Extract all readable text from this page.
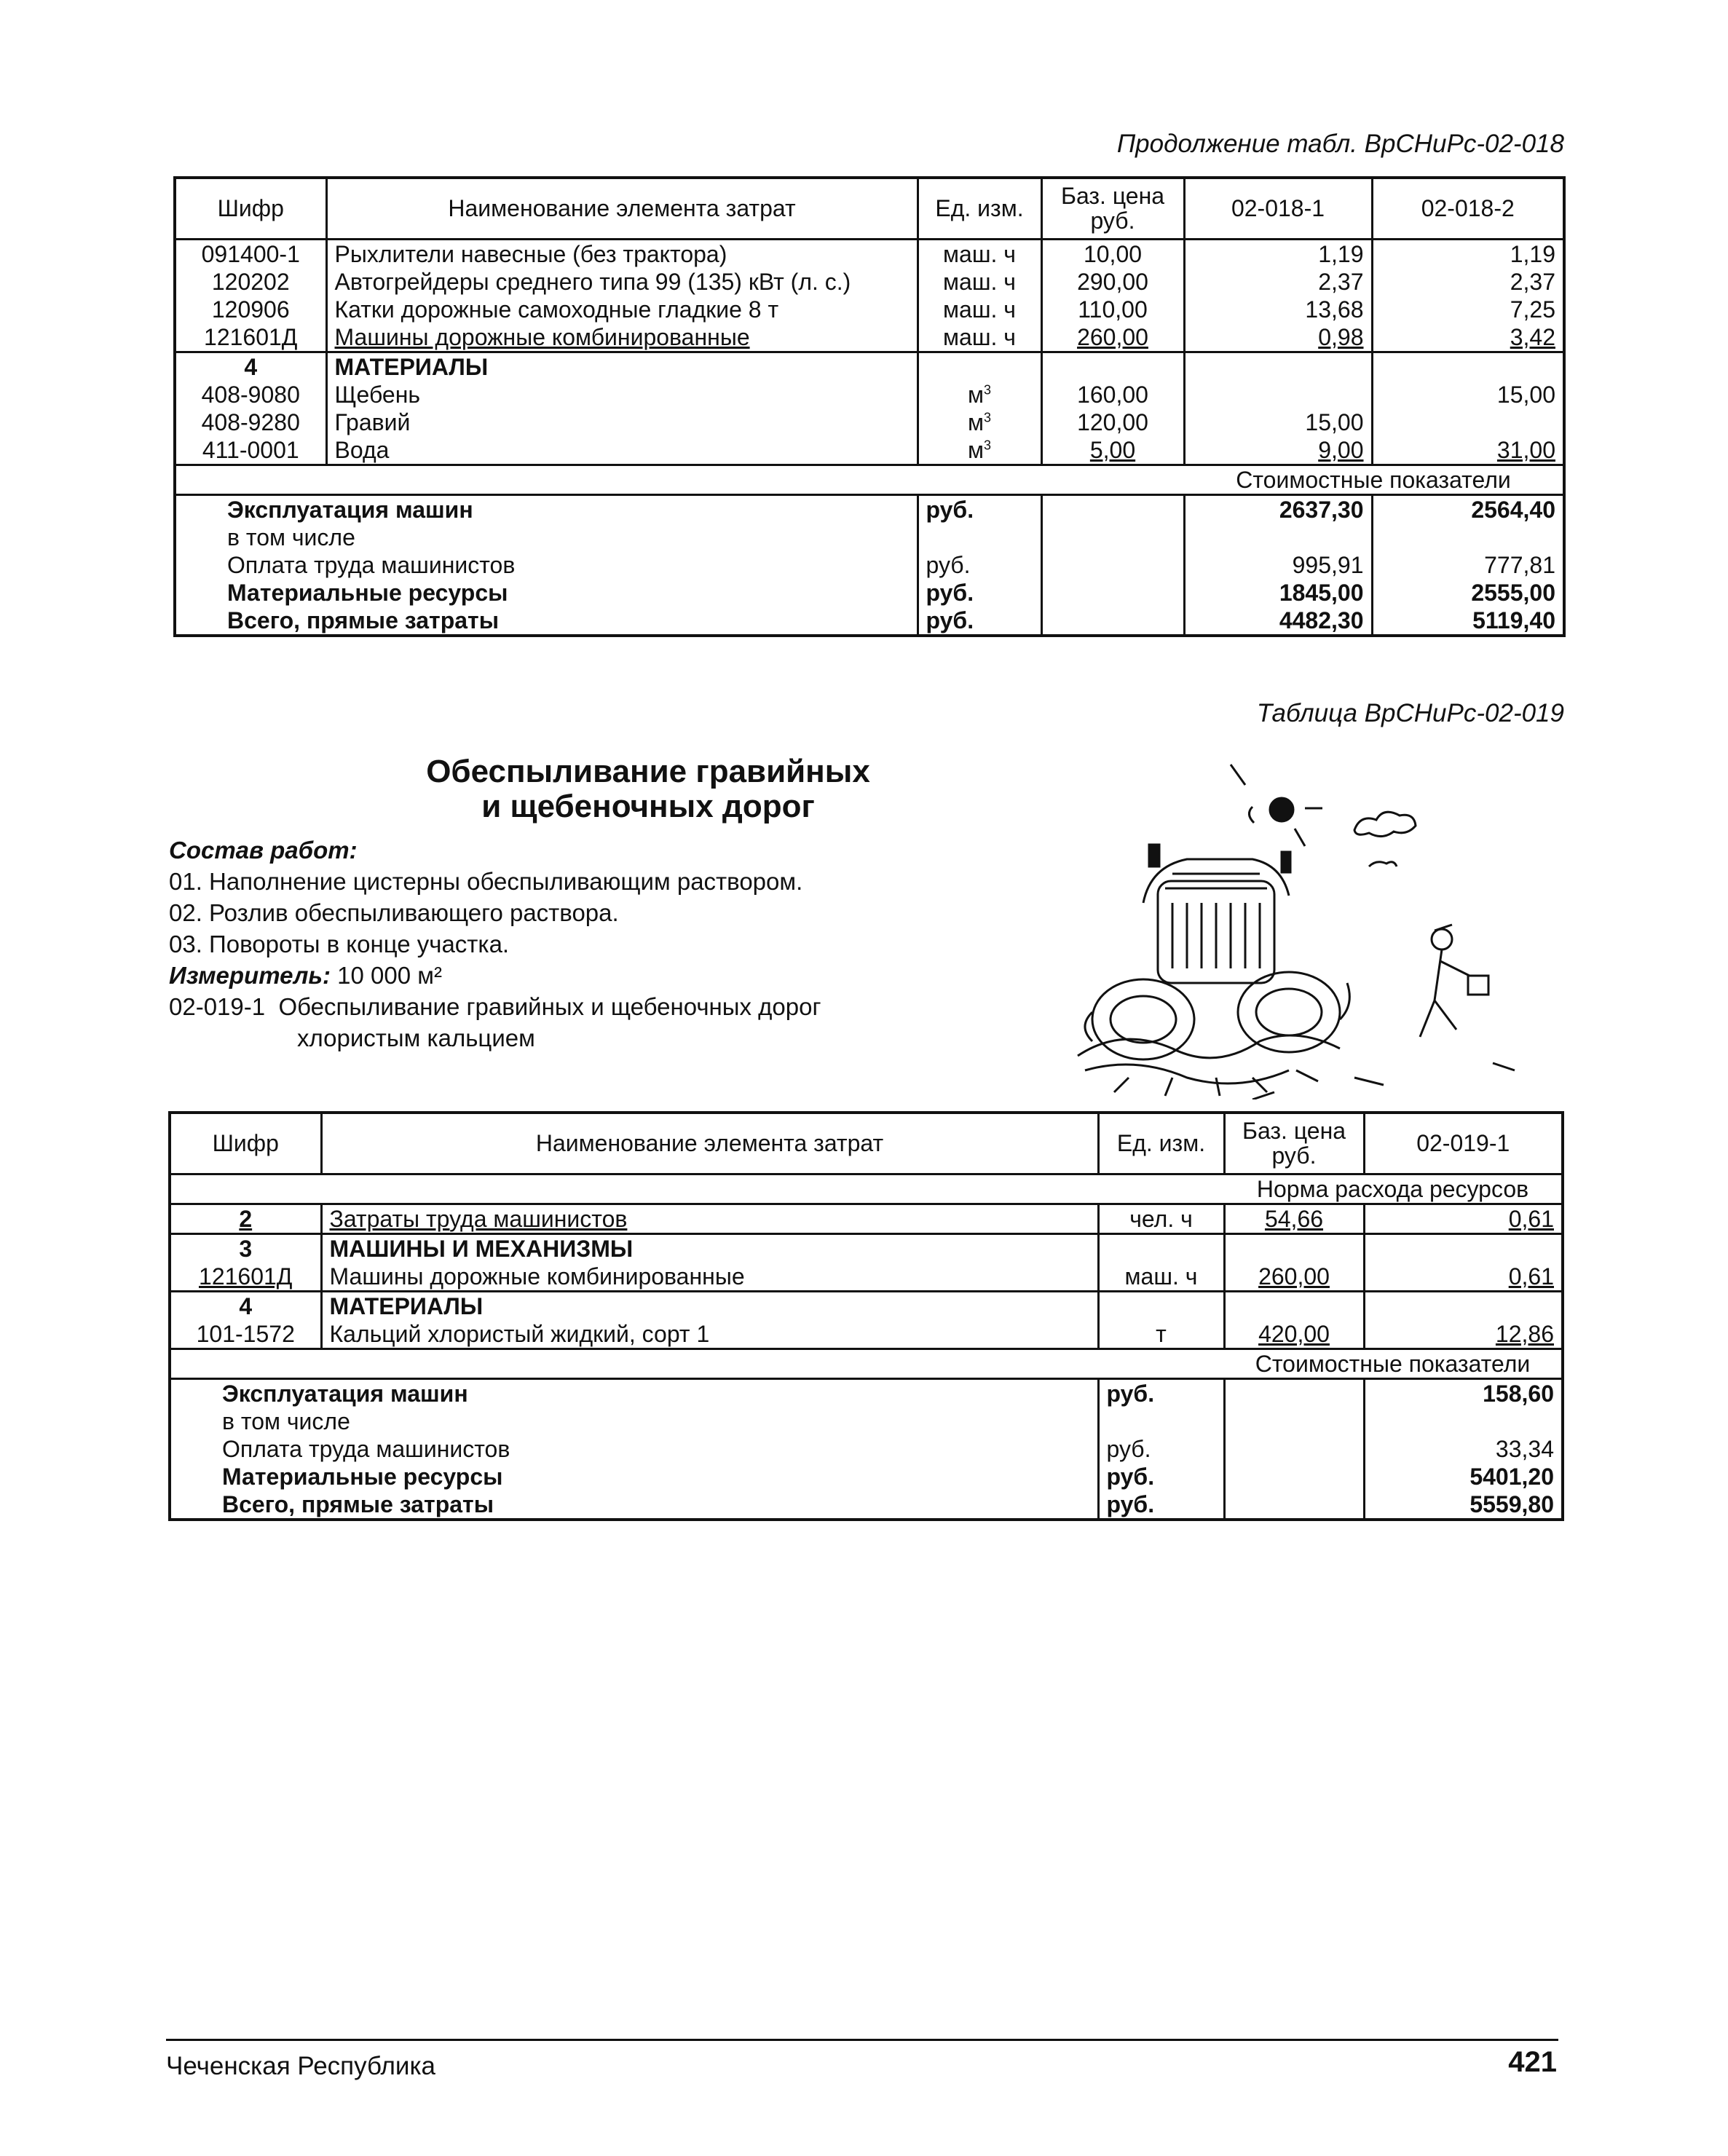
Продолжение табл. ВрСНиРс-02-018
Шифр	Наименование элемента затрат	Ед. изм.	Баз. цена руб.	02-018-1	02-018-2
091400-1	Рыхлители навесные (без трактора)	маш. ч	10,00	1,19	1,19
120202	Автогрейдеры среднего типа 99 (135) кВт (л. с.)	маш. ч	290,00	2,37	2,37
120906	Катки дорожные самоходные гладкие 8 т	маш. ч	110,00	13,68	7,25
121601Д	Машины дорожные комбинированные	маш. ч	260,00	0,98	3,42
4	МАТЕРИАЛЫ				
408-9080	Щебень	$м^3$	160,00		15,00
408-9280	Гравий	$м^3$	120,00	15,00	
411-0001	Вода	$м^3$	5,00	9,00	31,00
				Стоимостные показатели	
Эксплуатация машин		руб.		2637,30	2564,40
в том числе					
Оплата труда машинистов		руб.		995,91	777,81
Материальные ресурсы		руб.		1845,00	2555,00
Всего, прямые затраты		руб.		4482,30	5119,40
Таблица ВрСНиРс-02-019
Обеспыливание гравийных
и щебеночных дорог
Состав работ:
01. Наполнение цистерны обеспыливающим раствором.
02. Розлив обеспыливающего раствора.
03. Повороты в конце участка.
Измеритель: 10 000 м²
02-019-1 Обеспыливание гравийных и щебеночных дорог
хлористым кальцием
Шифр	Наименование элемента затрат	Ед. изм.	Баз. цена руб.	02-019-1
			Норма расхода ресурсов	
2	Затраты труда машинистов	чел. ч	54,66	0,61
3	МАШИНЫ И МЕХАНИЗМЫ			
121601Д	Машины дорожные комбинированные	маш. ч	260,00	0,61
4	МАТЕРИАЛЫ			
101-1572	Кальций хлористый жидкий, сорт 1	т	420,00	12,86
			Стоимостные показатели	
Эксплуатация машин		руб.		158,60
в том числе				
Оплата труда машинистов		руб.		33,34
Материальные ресурсы		руб.		5401,20
Всего, прямые затраты		руб.		5559,80
Чеченская Республика	421
